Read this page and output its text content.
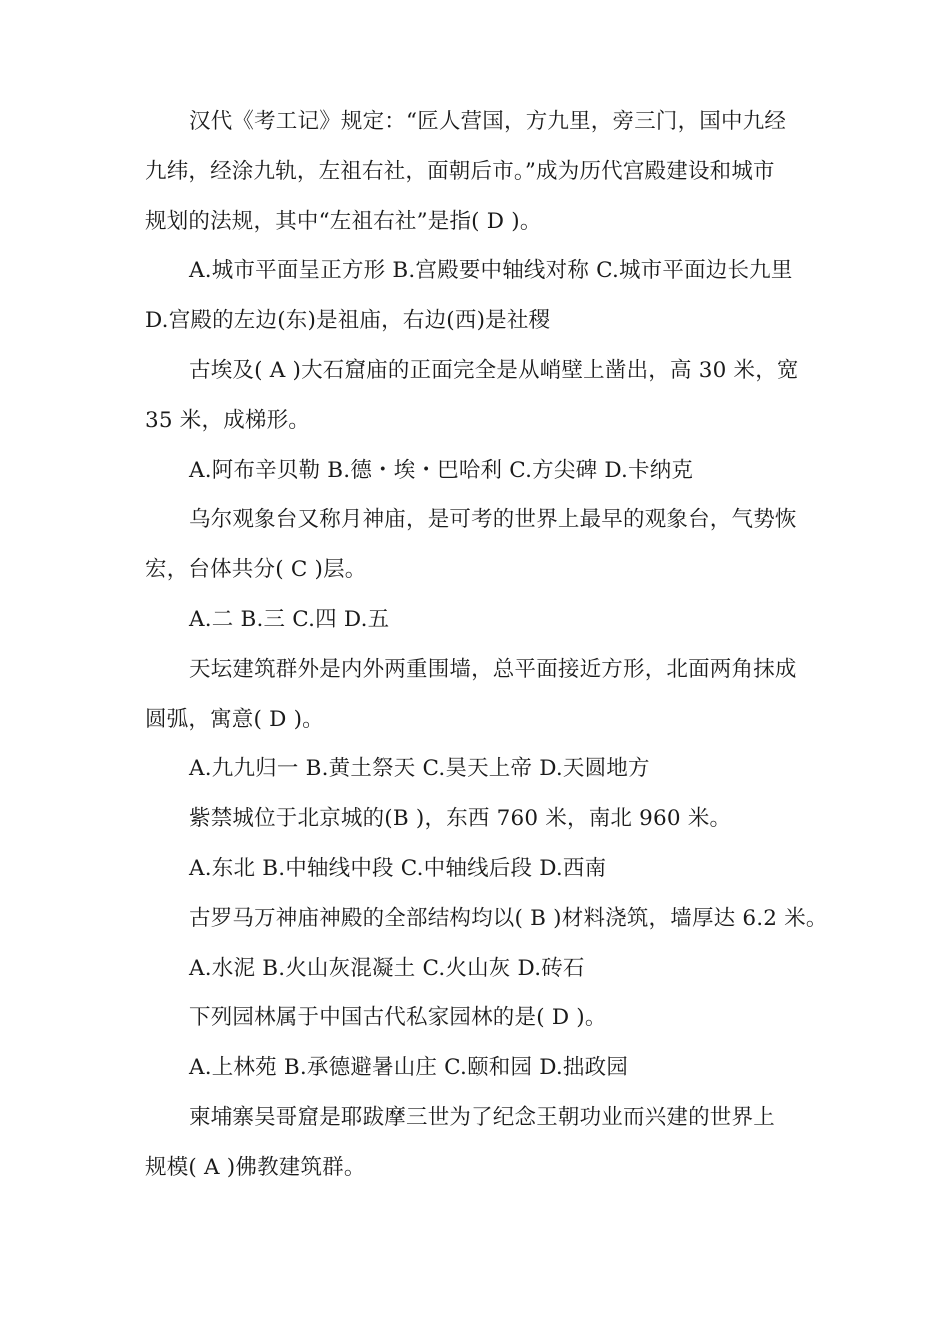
汉代《考工记》规定：“匠人营国，方九里，旁三门，国中九经
九纬，经涂九轨，左祖右社，面朝后市。”成为历代宫殿建设和城市
规划的法规，其中“左祖右社”是指( D )。
A.城市平面呈正方形 B.宫殿要中轴线对称 C.城市平面边长九里
D.宫殿的左边(东)是祖庙，右边(西)是社稷
古埃及( A )大石窟庙的正面完全是从峭壁上凿出，高 30 米，宽
35 米，成梯形。
A.阿布辛贝勒 B.德・埃・巴哈利 C.方尖碑 D.卡纳克
乌尔观象台又称月神庙，是可考的世界上最早的观象台，气势恢
宏，台体共分( C )层。
A.二 B.三 C.四 D.五
天坛建筑群外是内外两重围墙，总平面接近方形，北面两角抹成
圆弧，寓意( D )。
A.九九归一 B.黄土祭天 C.昊天上帝 D.天圆地方
紫禁城位于北京城的(B )，东西 760 米，南北 960 米。
A.东北 B.中轴线中段 C.中轴线后段 D.西南
古罗马万神庙神殿的全部结构均以( B )材料浇筑，墙厚达 6.2 米。
A.水泥 B.火山灰混凝土 C.火山灰 D.砖石
下列园林属于中国古代私家园林的是( D )。
A.上林苑 B.承德避暑山庄 C.颐和园 D.拙政园
柬埔寨吴哥窟是耶跋摩三世为了纪念王朝功业而兴建的世界上
规模( A )佛教建筑群。
